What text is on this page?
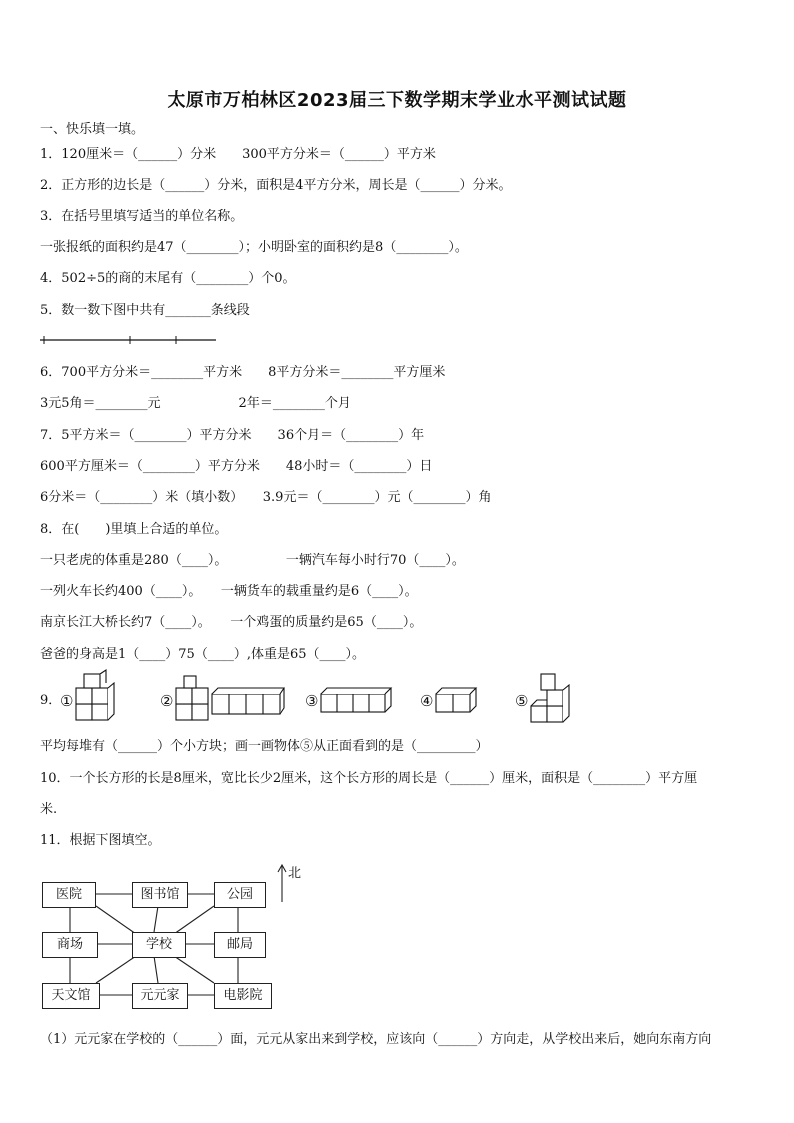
太原市万柏林区2023届三下数学期末学业水平测试试题
一、快乐填一填。
1．120厘米＝（______）分米　　300平方分米＝（______）平方米
2．正方形的边长是（______）分米，面积是4平方分米，周长是（______）分米。
3．在括号里填写适当的单位名称。
一张报纸的面积约是47（________）；小明卧室的面积约是8（________）。
4．502÷5的商的末尾有（________）个0。
5．数一数下图中共有_______条线段
6．700平方分米＝________平方米　　8平方分米＝________平方厘米
3元5角＝________元　　　　　　2年＝________个月
7．5平方米＝（________）平方分米　　36个月＝（________）年
600平方厘米＝（________）平方分米　　48小时＝（________）日
6分米＝（________）米（填小数）　　3.9元＝（________）元（________）角
8．在(　　)里填上合适的单位。
一只老虎的体重是280（____）。　　　　　一辆汽车每小时行70（____）。
一列火车长约400（____）。　　一辆货车的载重量约是6（____）。
南京长江大桥长约7（____）。　　一个鸡蛋的质量约是65（____）。
爸爸的身高是1（____）75（____）,体重是65（____）。
9．
①	②	③	④	⑤
平均每堆有（______）个小方块；画一画物体⑤从正面看到的是（_________）
10．一个长方形的长是8厘米，宽比长少2厘米，这个长方形的周长是（______）厘米，面积是（________）平方厘
米.
11．根据下图填空。
医院	图书馆	公园
商场	学校	邮局
天文馆	元元家	电影院
北
（1）元元家在学校的（______）面，元元从家出来到学校，应该向（______）方向走，从学校出来后，她向东南方向
